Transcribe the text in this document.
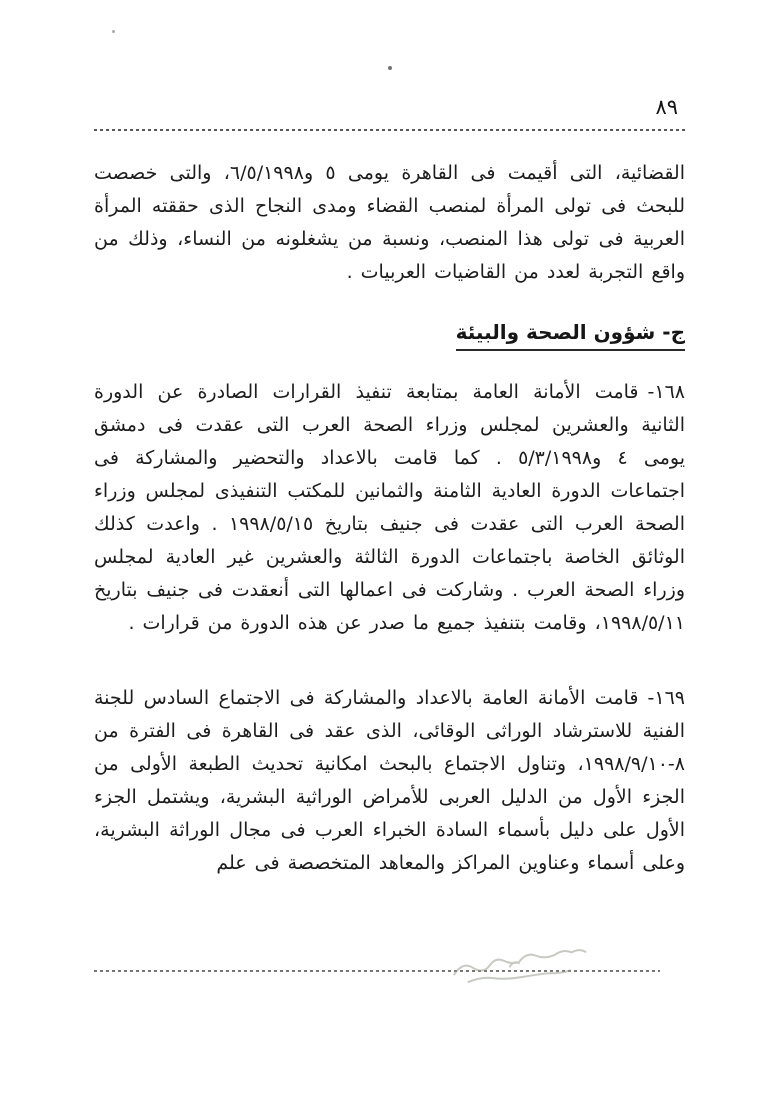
٨٩

القضائية، التى أقيمت فى القاهرة يومى ٥ و٦/٥/١٩٩٨، والتى خصصت للبحث فى تولى المرأة لمنصب القضاء ومدى النجاح الذى حققته المرأة العربية فى تولى هذا المنصب، ونسبة من يشغلونه من النساء، وذلك من واقع التجربة لعدد من القاضيات العربيات .

ج- شؤون الصحة والبيئة

١٦٨-قامت الأمانة العامة بمتابعة تنفيذ القرارات الصادرة عن الدورة الثانية والعشرين لمجلس وزراء الصحة العرب التى عقدت فى دمشق يومى ٤ و٥/٣/١٩٩٨ . كما قامت بالاعداد والتحضير والمشاركة فى اجتماعات الدورة العادية الثامنة والثمانين للمكتب التنفيذى لمجلس وزراء الصحة العرب التى عقدت فى جنيف بتاريخ ١٩٩٨/٥/١٥ . واعدت كذلك الوثائق الخاصة باجتماعات الدورة الثالثة والعشرين غير العادية لمجلس وزراء الصحة العرب . وشاركت فى اعمالها التى أنعقدت فى جنيف بتاريخ ١٩٩٨/٥/١١، وقامت بتنفيذ جميع ما صدر عن هذه الدورة من قرارات .

١٦٩-قامت الأمانة العامة بالاعداد والمشاركة فى الاجتماع السادس للجنة الفنية للاسترشاد الوراثى الوقائى، الذى عقد فى القاهرة فى الفترة من ٨-١٩٩٨/٩/١٠، وتناول الاجتماع بالبحث امكانية تحديث الطبعة الأولى من الجزء الأول من الدليل العربى للأمراض الوراثية البشرية، ويشتمل الجزء الأول على دليل بأسماء السادة الخبراء العرب فى مجال الوراثة البشرية، وعلى أسماء وعناوين المراكز والمعاهد المتخصصة فى علم
